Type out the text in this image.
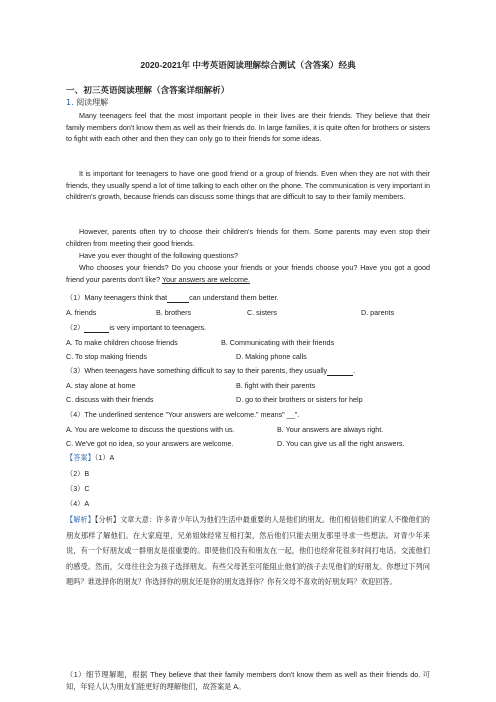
2020-2021年 中考英语阅读理解综合测试（含答案）经典
一、初三英语阅读理解（含答案详细解析）
1. 阅读理解
Many teenagers feel that the most important people in their lives are their friends. They believe that their family members don't know them as well as their friends do. In large families, it is quite often for brothers or sisters to fight with each other and then they can only go to their friends for some ideas.
It is important for teenagers to have one good friend or a group of friends. Even when they are not with their friends, they usually spend a lot of time talking to each other on the phone. The communication is very important in children's growth, because friends can discuss some things that are difficult to say to their family members.
However, parents often try to choose their children's friends for them. Some parents may even stop their children from meeting their good friends.
Have you ever thought of the following questions?
Who chooses your friends? Do you choose your friends or your friends choose you? Have you got a good friend your parents don't like? Your answers are welcome.
（1）Many teenagers think that	can understand them better.
A. friends	B. brothers	C. sisters	D. parents
（2）	is very important to teenagers.
A. To make children choose friends	B. Communicating with their friends
C. To stop making friends	D. Making phone calls
（3）When teenagers have something difficult to say to their parents, they usually	.
A. stay alone at home	B. fight with their parents
C. discuss with their friends	D. go to their brothers or sisters for help
（4）The underlined sentence "Your answers are welcome." means" __".
A. You are welcome to discuss the questions with us.	B. Your answers are always right.
C. We've got no idea, so your answers are welcome.	D. You can give us all the right answers.
【答案】（1）A
（2）B
（3）C
（4）A
【解析】【分析】文章大意：许多青少年认为他们生活中最重要的人是他们的朋友。他们相信他们的家人不像他们的朋友那样了解他们。在大家庭里，兄弟姐妹经常互相打架，然后他们只能去朋友那里寻求一些想法。对青少年来说，有一个好朋友或一群朋友是很重要的。即使他们没有和朋友在一起，他们也经常花很多时间打电话。交流他们的感受。然而，父母往往会为孩子选择朋友。有些父母甚至可能阻止他们的孩子去见他们的好朋友。你想过下列问题吗？谁选择你的朋友？你选择你的朋友还是你的朋友选择你？你有父母不喜欢的好朋友吗？欢迎回答。
（1）细节理解题，根据 They believe that their family members don't know them as well as their friends do. 可知，年轻人认为朋友们能更好的理解他们，故答案是 A。
